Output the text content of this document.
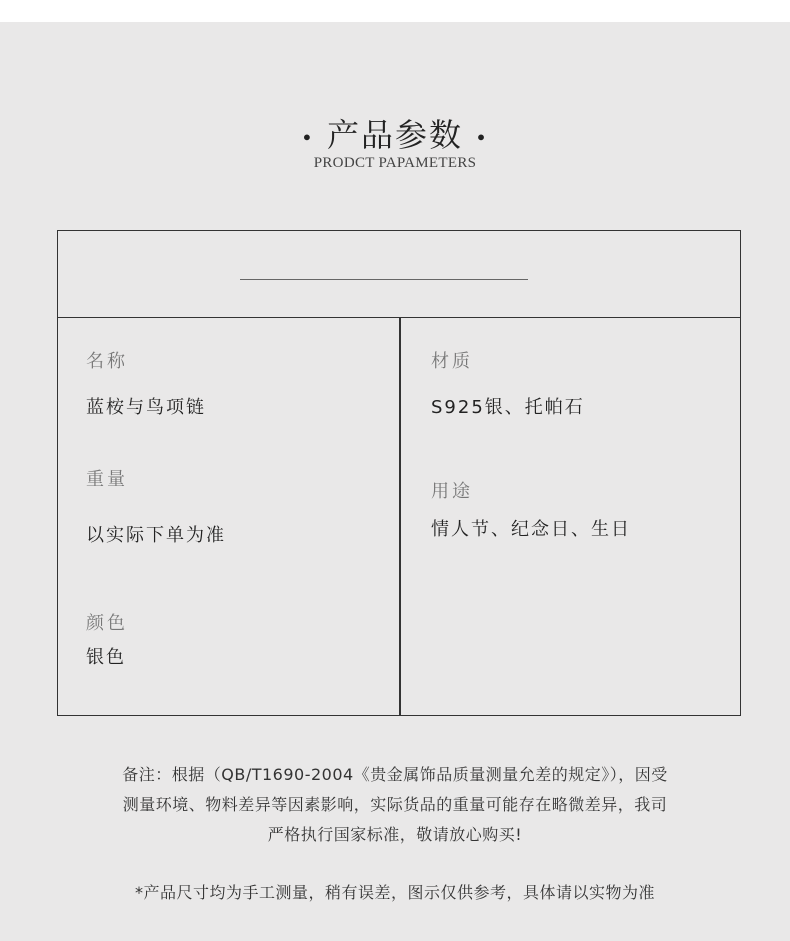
• 产品参数 •
PRODCT PAPAMETERS
名称
蓝桉与鸟项链
重量
以实际下单为准
颜色
银色
材质
S925银、托帕石
用途
情人节、纪念日、生日
备注：根据（QB/T1690-2004《贵金属饰品质量测量允差的规定》），因受
测量环境、物料差异等因素影响，实际货品的重量可能存在略微差异，我司
严格执行国家标准，敬请放心购买!
*产品尺寸均为手工测量，稍有误差，图示仅供参考，具体请以实物为准
